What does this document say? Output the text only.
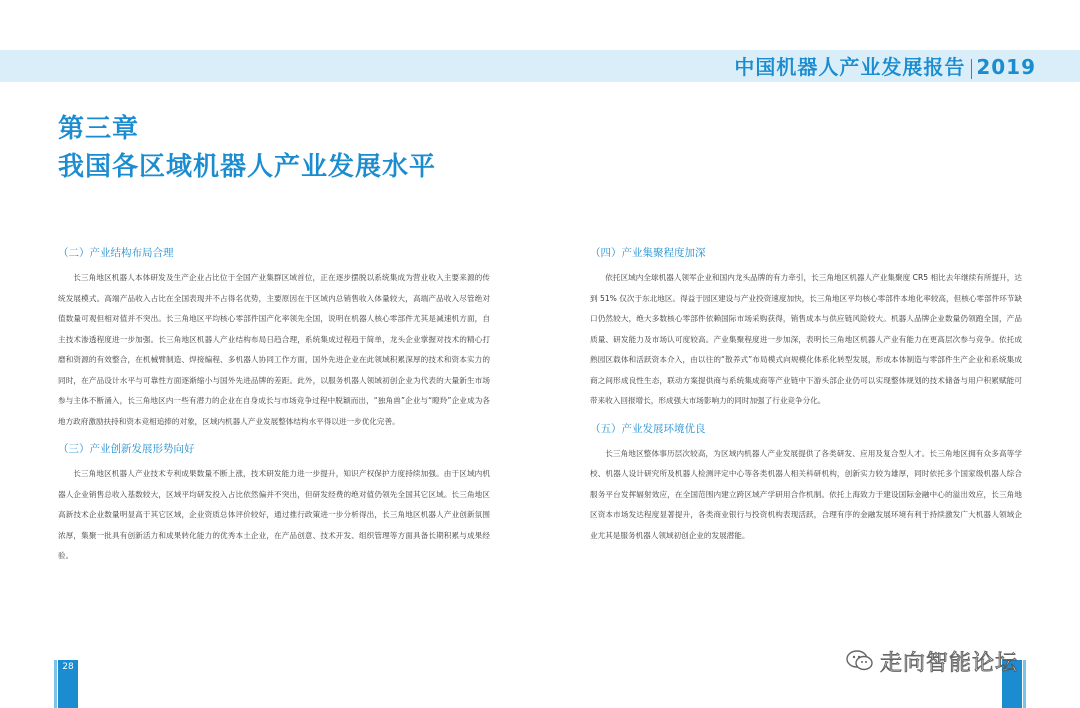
中国机器人产业发展报告 2019
第三章
我国各区域机器人产业发展水平
（二）产业结构布局合理

长三角地区机器人本体研发及生产企业占比位于全国产业集群区域首位，正在逐步摆脱以系统集成为营业收入主要来源的传统发展模式。高端产品收入占比在全国表现并不占得名优势，主要原因在于区域内总销售收入体量较大，高端产品收入尽管绝对值数量可观但相对值并不突出。长三角地区平均核心零部件国产化率领先全国，说明在机器人核心零部件尤其是减速机方面，自主技术渗透程度进一步加强。长三角地区机器人产业结构布局日趋合理，系统集成过程趋于简单，龙头企业掌握对技术的精心打磨和资源的有效整合，在机械臂制造、焊接编程、多机器人协同工作方面，国外先进企业在此领域积累深厚的技术和资本实力的同时，在产品设计水平与可靠性方面逐渐缩小与国外先进品牌的差距。此外，以服务机器人领域初创企业为代表的大量新生市场参与主体不断涌入，长三角地区内一些有潜力的企业在自身成长与市场竞争过程中脱颖而出，“独角兽”企业与“瞪羚”企业成为各地方政府激励扶持和资本竞相追捧的对象，区域内机器人产业发展整体结构水平得以进一步优化完善。

（三）产业创新发展形势向好

长三角地区机器人产业技术专利成果数量不断上涨，技术研发能力进一步提升，知识产权保护力度持续加强。由于区域内机器人企业销售总收入基数较大，区域平均研发投入占比依然偏并不突出，但研发经费的绝对值仍领先全国其它区域。长三角地区高新技术企业数量明显高于其它区域，企业资质总体评价较好，通过推行政策进一步分析得出，长三角地区机器人产业创新氛围浓厚，集聚一批具有创新活力和成果转化能力的优秀本土企业，在产品创意、技术开发、组织管理等方面具备长期积累与成果经验。

（四）产业集聚程度加深

依托区域内全球机器人领军企业和国内龙头品牌的有力牵引，长三角地区机器人产业集聚度 CR5 相比去年继续有所提升，达到 51% 仅次于东北地区。得益于园区建设与产业投资速度加快，长三角地区平均核心零部件本地化率较高，但核心零部件环节缺口仍然较大，绝大多数核心零部件依赖国际市场采购获得，销售成本与供应链风险较大。机器人品牌企业数量仍领跑全国，产品质量、研发能力及市场认可度较高。产业集聚程度进一步加深，表明长三角地区机器人产业有能力在更高层次参与竞争。依托成熟园区载体和活跃资本介入，由以往的“散养式”布局模式向规模化体系化转型发展，形成本体制造与零部件生产企业和系统集成商之间形成良性生态，联动方案提供商与系统集成商等产业链中下游头部企业仍可以实现整体规划的技术储备与用户积累赋能可带来收入回报增长，形成强大市场影响力的同时加强了行业竞争分化。

（五）产业发展环境优良

长三角地区整体事历层次较高，为区域内机器人产业发展提供了各类研发、应用及复合型人才。长三角地区拥有众多高等学校、机器人设计研究所及机器人检测评定中心等各类机器人相关科研机构，创新实力较为雄厚，同时依托多个国家级机器人综合服务平台发挥辐射效应，在全国范围内建立跨区域产学研用合作机制。依托上海致力于建设国际金融中心的溢出效应，长三角地区资本市场发达程度显著提升，各类商业银行与投资机构表现活跃，合理有序的金融发展环境有利于持续激发广大机器人领域企业尤其是服务机器人领域初创企业的发展潜能。

28	走向智能论坛
